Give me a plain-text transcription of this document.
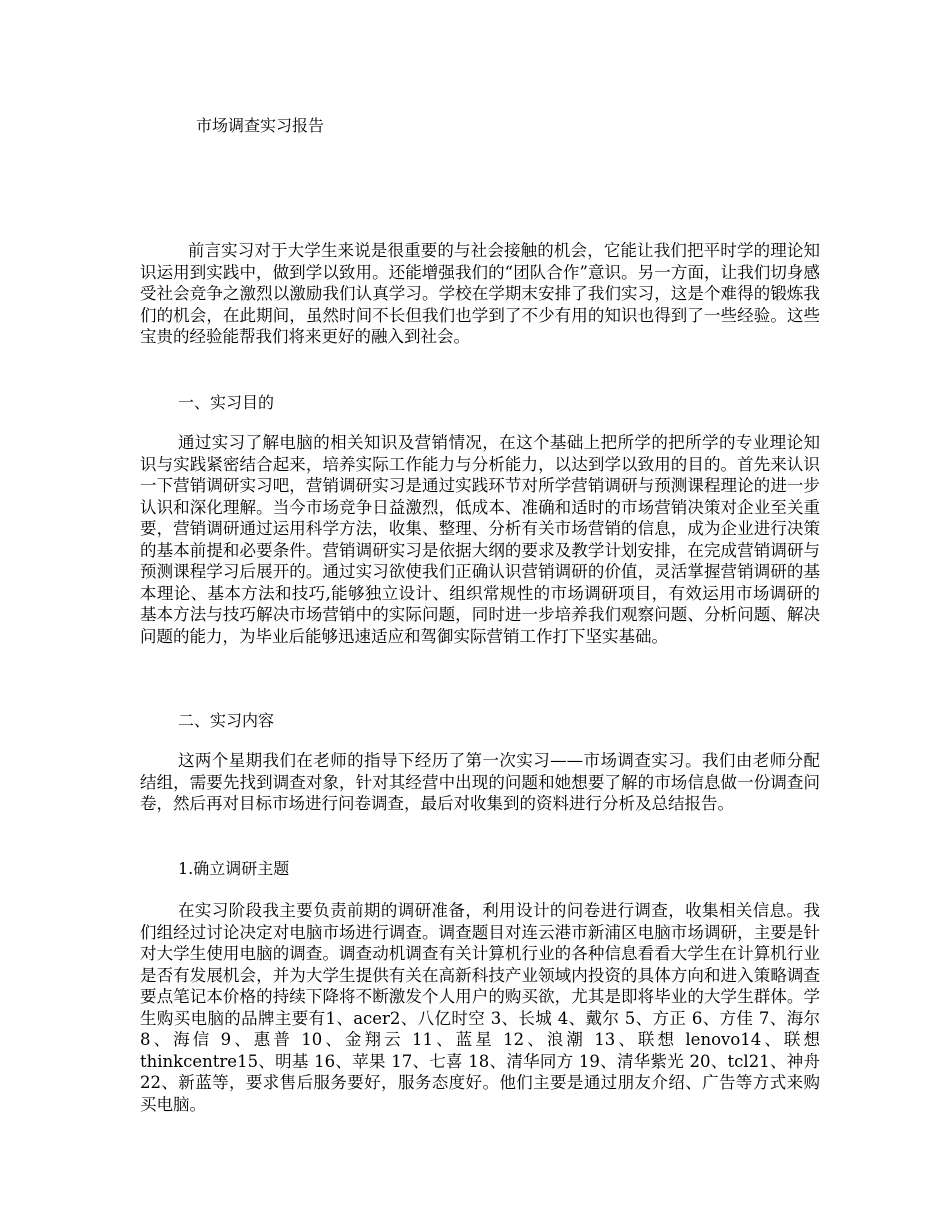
市场调查实习报告

前言实习对于大学生来说是很重要的与社会接触的机会，它能让我们把平时学的理论知识运用到实践中，做到学以致用。还能增强我们的“团队合作”意识。另一方面，让我们切身感受社会竞争之激烈以激励我们认真学习。学校在学期末安排了我们实习，这是个难得的锻炼我们的机会，在此期间，虽然时间不长但我们也学到了不少有用的知识也得到了一些经验。这些宝贵的经验能帮我们将来更好的融入到社会。

一、实习目的

通过实习了解电脑的相关知识及营销情况，在这个基础上把所学的把所学的专业理论知识与实践紧密结合起来，培养实际工作能力与分析能力，以达到学以致用的目的。首先来认识一下营销调研实习吧，营销调研实习是通过实践环节对所学营销调研与预测课程理论的进一步认识和深化理解。当今市场竞争日益激烈，低成本、准确和适时的市场营销决策对企业至关重要，营销调研通过运用科学方法，收集、整理、分析有关市场营销的信息，成为企业进行决策的基本前提和必要条件。营销调研实习是依据大纲的要求及教学计划安排，在完成营销调研与预测课程学习后展开的。通过实习欲使我们正确认识营销调研的价值，灵活掌握营销调研的基本理论、基本方法和技巧,能够独立设计、组织常规性的市场调研项目，有效运用市场调研的基本方法与技巧解决市场营销中的实际问题，同时进一步培养我们观察问题、分析问题、解决问题的能力，为毕业后能够迅速适应和驾御实际营销工作打下坚实基础。

二、实习内容

这两个星期我们在老师的指导下经历了第一次实习——市场调查实习。我们由老师分配结组，需要先找到调查对象，针对其经营中出现的问题和她想要了解的市场信息做一份调查问卷，然后再对目标市场进行问卷调查，最后对收集到的资料进行分析及总结报告。

1.确立调研主题

在实习阶段我主要负责前期的调研准备，利用设计的问卷进行调查，收集相关信息。我们组经过讨论决定对电脑市场进行调查。调查题目对连云港市新浦区电脑市场调研，主要是针对大学生使用电脑的调查。调查动机调查有关计算机行业的各种信息看看大学生在计算机行业是否有发展机会，并为大学生提供有关在高新科技产业领域内投资的具体方向和进入策略调查要点笔记本价格的持续下降将不断激发个人用户的购买欲，尤其是即将毕业的大学生群体。学生购买电脑的品牌主要有1、acer2、八亿时空 3、长城 4、戴尔 5、方正 6、方佳 7、海尔 8、海信 9、惠普 10、金翔云 11、蓝星 12、浪潮 13、联想 lenovo14、联想 thinkcentre15、明基 16、苹果 17、七喜 18、清华同方 19、清华紫光 20、tcl21、神舟 22、新蓝等，要求售后服务要好，服务态度好。他们主要是通过朋友介绍、广告等方式来购买电脑。
